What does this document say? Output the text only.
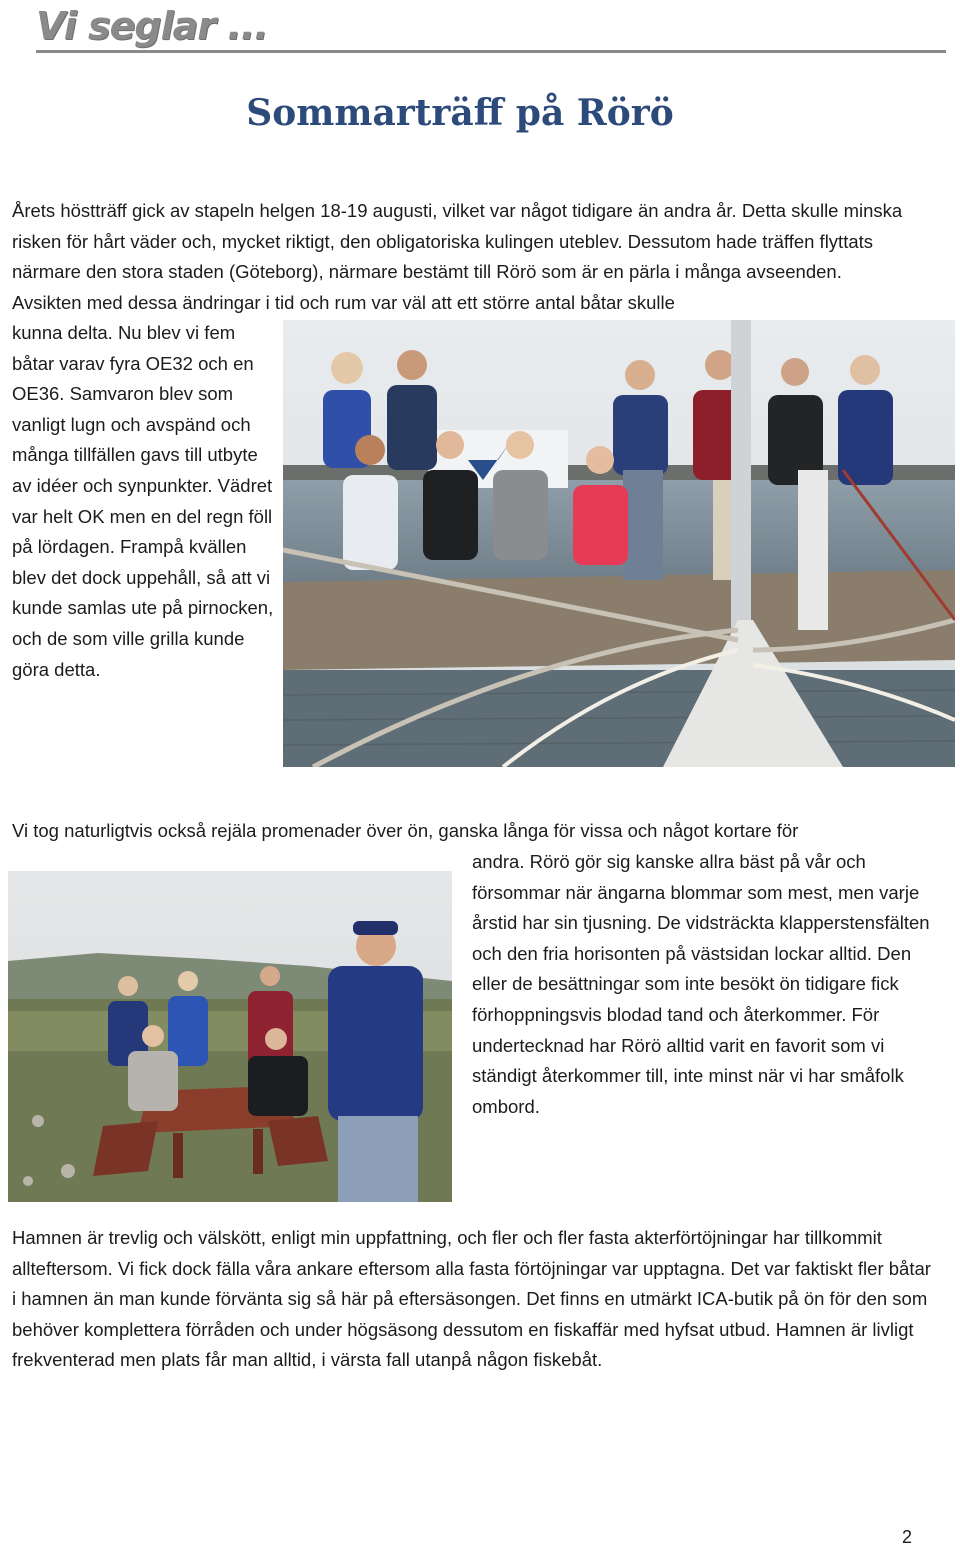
Vi seglar ...
Sommarträff på Rörö

Årets höstträff gick av stapeln helgen 18-19 augusti, vilket var något tidigare än andra år. Detta skulle minska risken för hårt väder och, mycket riktigt, den obligatoriska kulingen uteblev. Dessutom hade träffen flyttats närmare den stora staden (Göteborg), närmare bestämt till Rörö som är en pärla i många avseenden. Avsikten med dessa ändringar i tid och rum var väl att ett större antal båtar skulle

kunna delta. Nu blev vi fem båtar varav fyra OE32 och en OE36. Samvaron blev som vanligt lugn och avspänd och många tillfällen gavs till utbyte av idéer och synpunkter. Vädret var helt OK men en del regn föll på lördagen. Frampå kvällen blev det dock uppehåll, så att vi kunde samlas ute på pirnocken, och de som ville grilla kunde göra detta.

Vi tog naturligtvis också rejäla promenader över ön, ganska långa för vissa och något kortare för

andra. Rörö gör sig kanske allra bäst på vår och försommar när ängarna blommar som mest, men varje årstid har sin tjusning. De vidsträckta klapperstensfälten och den fria horisonten på västsidan lockar alltid. Den eller de besättningar som inte besökt ön tidigare fick förhoppningsvis blodad tand och återkommer. För undertecknad har Rörö alltid varit en favorit som vi ständigt återkommer till, inte minst när vi har småfolk ombord.

Hamnen är trevlig och välskött, enligt min uppfattning, och fler och fler fasta akterförtöjningar har tillkommit allteftersom. Vi fick dock fälla våra ankare eftersom alla fasta förtöjningar var upptagna. Det var faktiskt fler båtar i hamnen än man kunde förvänta sig så här på eftersäsongen. Det finns en utmärkt ICA-butik på ön för den som behöver komplettera förråden och under högsäsong dessutom en fiskaffär med hyfsat utbud. Hamnen är livligt frekventerad men plats får man alltid, i värsta fall utanpå någon fiskebåt.

2
